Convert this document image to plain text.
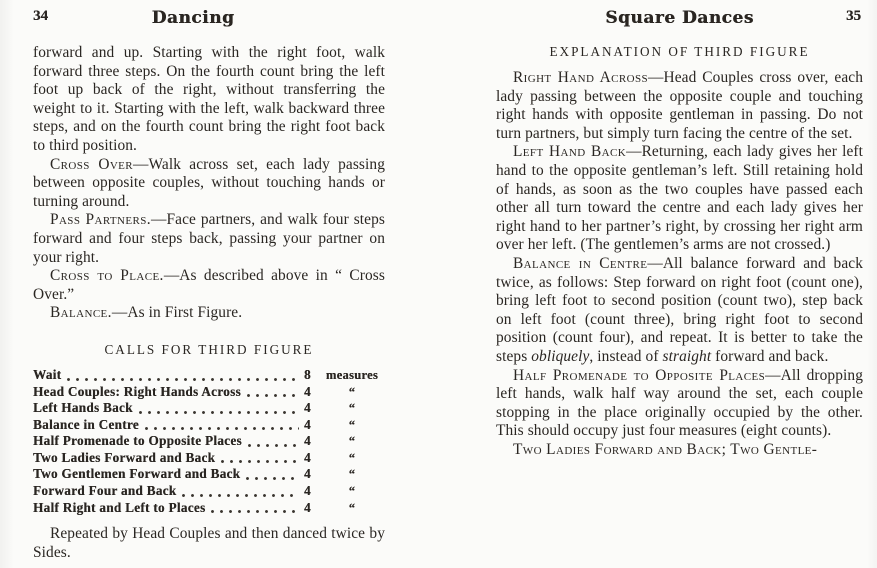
34	Dancing

forward and up. Starting with the right foot, walk forward three steps. On the fourth count bring the left foot up back of the right, without transferring the weight to it. Starting with the left, walk backward three steps, and on the fourth count bring the right foot back to third position.

Cross Over—Walk across set, each lady passing between opposite couples, without touching hands or turning around.

Pass Partners.—Face partners, and walk four steps forward and four steps back, passing your partner on your right.

Cross to Place.—As described above in “ Cross Over.”

Balance.—As in First Figure.

CALLS FOR THIRD FIGURE
Wait	8	measures
Head Couples: Right Hands Across	4	“
Left Hands Back	4	“
Balance in Centre	4	“
Half Promenade to Opposite Places	4	“
Two Ladies Forward and Back	4	“
Two Gentlemen Forward and Back	4	“
Forward Four and Back	4	“
Half Right and Left to Places	4	“

Repeated by Head Couples and then danced twice by Sides.

Square Dances	35
EXPLANATION OF THIRD FIGURE

Right Hand Across—Head Couples cross over, each lady passing between the opposite couple and touching right hands with opposite gentleman in passing. Do not turn partners, but simply turn facing the centre of the set.

Left Hand Back—Returning, each lady gives her left hand to the opposite gentleman’s left. Still retaining hold of hands, as soon as the two couples have passed each other all turn toward the centre and each lady gives her right hand to her partner’s right, by crossing her right arm over her left. (The gentlemen’s arms are not crossed.)

Balance in Centre—All balance forward and back twice, as follows: Step forward on right foot (count one), bring left foot to second position (count two), step back on left foot (count three), bring right foot to second position (count four), and repeat. It is better to take the steps obliquely, instead of straight forward and back.

Half Promenade to Opposite Places—All dropping left hands, walk half way around the set, each couple stopping in the place originally occupied by the other. This should occupy just four measures (eight counts).

Two Ladies Forward and Back; Two Gentle-
